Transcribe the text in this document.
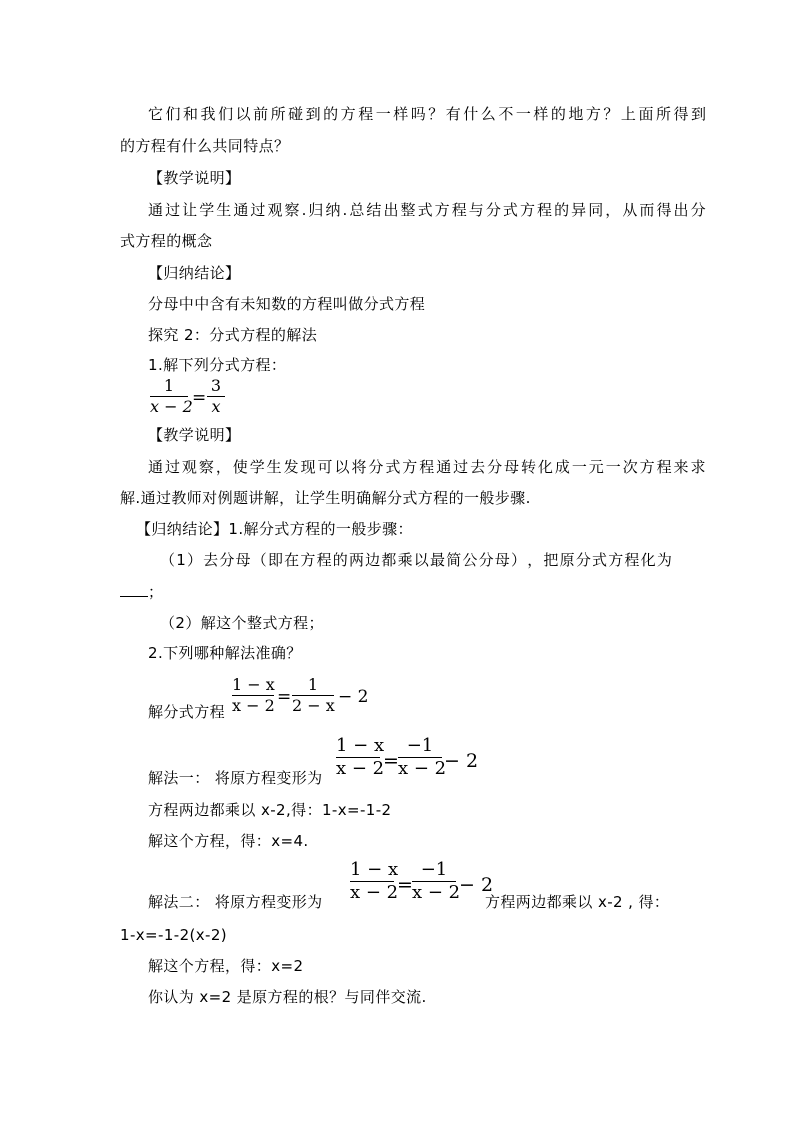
它 们 和 我 们 以 前 所 碰 到 的 方 程 一 样 吗 ？ 有 什 么 不 一 样 的 地 方 ？ 上 面 所 得 到
的方程有什么共同特点？
【教学说明】
通 过 让 学 生 通 过 观 察 . 归 纳 . 总 结 出 整 式 方 程 与 分 式 方 程 的 异 同 ， 从 而 得 出 分
式方程的概念
【归纳结论】
分母中中含有未知数的方程叫做分式方程
探究 2：分式方程的解法
1.解下列分式方程：
1
x − 2 =
3
x
【教学说明】
通 过 观 察 ， 使 学 生 发 现 可 以 将 分 式 方 程 通 过 去 分 母 转 化 成 一 元 一 次 方 程 来 求
解.通过教师对例题讲解，让学生明确解分式方程的一般步骤.
【归纳结论】1.解分式方程的一般步骤：
（ 1 ） 去 分 母 （ 即 在 方 程 的 两 边 都 乘 以 最 简 公 分 母 ） ， 把 原 分 式 方 程 化 为
；
（2）解这个整式方程；
2.下列哪种解法准确？
解分式方程
1 − x
x − 2 =
1
2 − x − 2
解法一： 将原方程变形为
1 − x
x − 2
=
−1
x − 2
− 2
方程两边都乘以 x-2,得：1-x=-1-2
解这个方程，得：x=4.
解法二： 将原方程变形为
1 − x
x − 2
=
−1
x − 2
− 2
方程两边都乘以 x-2 , 得：
1-x=-1-2(x-2)
解这个方程，得：x=2
你认为 x=2 是原方程的根？与同伴交流.
